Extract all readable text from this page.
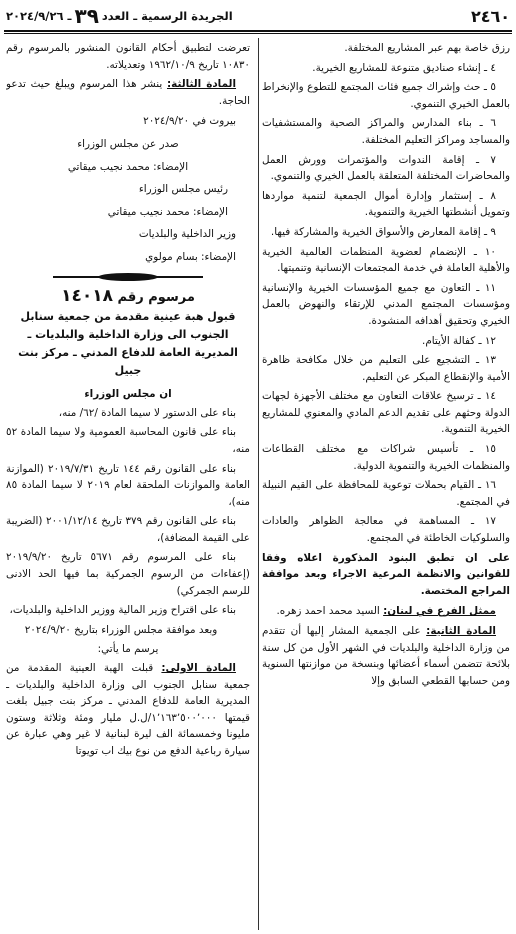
٢٤٦٠
الجريدة الرسمية ـ العدد
٣٩
ـ ٢٠٢٤/٩/٢٦

رزق خاصة بهم عبر المشاريع المختلفة.

٤ ـ إنشاء صناديق متنوعة للمشاريع الخيرية.

٥ ـ حث وإشراك جميع فئات المجتمع للتطوع والإنخراط بالعمل الخيري التنموي.

٦ ـ بناء المدارس والمراكز الصحية والمستشفيات والمساجد ومراكز التعليم المختلفة.

٧ ـ إقامة الندوات والمؤتمرات وورش العمل والمحاضرات المختلفة المتعلقة بالعمل الخيري والتنموي.

٨ ـ إستثمار وإدارة أموال الجمعية لتنمية مواردها وتمويل أنشطتها الخيرية والتنموية.

٩ ـ إقامة المعارض والأسواق الخيرية والمشاركة فيها.

١٠ ـ الإنضمام لعضوية المنظمات العالمية الخيرية والأهلية العاملة في خدمة المجتمعات الإنسانية وتنميتها.

١١ ـ التعاون مع جميع المؤسسات الخيرية والإنسانية ومؤسسات المجتمع المدني للإرتقاء والنهوض بالعمل الخيري وتحقيق أهدافه المنشودة.

١٢ ـ كفالة الأيتام.

١٣ ـ التشجيع على التعليم من خلال مكافحة ظاهرة الأمية والإنقطاع المبكر عن التعليم.

١٤ ـ ترسيخ علاقات التعاون مع مختلف الأجهزة لجهات الدولة وحثهم على تقديم الدعم المادي والمعنوي للمشاريع الخيرية التنموية.

١٥ ـ تأسيس شراكات مع مختلف القطاعات والمنظمات الخيرية والتنموية الدولية.

١٦ ـ القيام بحملات توعوية للمحافظة على القيم النبيلة في المجتمع.

١٧ ـ المساهمة في معالجة الظواهر والعادات والسلوكيات الخاطئة في المجتمع.

على ان تطبق البنود المذكورة اعلاه وفقا للقوانين والانظمة المرعية الاجراء وبعد موافقة المراجع المختصة.

ممثل الفرع في لبنان: السيد محمد احمد زهره.

المادة الثانية: على الجمعية المشار إليها أن تتقدم من وزارة الداخلية والبلديات في الشهر الأول من كل سنة بلائحة تتضمن أسماء أعضائها وبنسخة من موازنتها السنوية ومن حسابها القطعي السابق وإلا

تعرضت لتطبيق أحكام القانون المنشور بالمرسوم رقم ١٠٨٣٠ تاريخ ١٩٦٢/١٠/٩ وتعديلاته.

المادة الثالثة: ينشر هذا المرسوم ويبلغ حيث تدعو الحاجة.

بيروت في ٢٠٢٤/٩/٢٠

صدر عن مجلس الوزراء

الإمضاء: محمد نجيب ميقاتي

رئيس مجلس الوزراء

الإمضاء: محمد نجيب ميقاتي

وزير الداخلية والبلديات

الإمضاء: بسام مولوي

مرسوم رقم ١٤٠١٨

قبول هبة عينية مقدمة من جمعية سنابل الجنوب الى وزارة الداخلية والبلديات ـ المديرية العامة للدفاع المدني ـ مركز بنت جبيل

ان مجلس الوزراء

بناء على الدستور لا سيما المادة /٦٢/ منه،

بناء على قانون المحاسبة العمومية ولا سيما المادة ٥٢ منه،

بناء على القانون رقم ١٤٤ تاريخ ٢٠١٩/٧/٣١ (الموازنة العامة والموازنات الملحقة لعام ٢٠١٩ لا سيما المادة ٨٥ منه)،

بناء على القانون رقم ٣٧٩ تاريخ ٢٠٠١/١٢/١٤ (الضريبة على القيمة المضافة)،

بناء على المرسوم رقم ٥٦٧١ تاريخ ٢٠١٩/٩/٢٠ (إعفاءات من الرسوم الجمركية بما فيها الحد الادنى للرسم الجمركي)

بناء على اقتراح وزير المالية ووزير الداخلية والبلديات،

وبعد موافقة مجلس الوزراء بتاريخ ٢٠٢٤/٩/٢٠

يرسم ما يأتي:

المادة الاولى: قبلت الهبة العينية المقدمة من جمعية سنابل الجنوب الى وزارة الداخلية والبلديات ـ المديرية العامة للدفاع المدني ـ مركز بنت جبيل بلغت قيمتها ١٬١٦٣٬٥٠٠٬٠٠٠/ل.ل مليار ومئة وثلاثة وستون مليونا وخمسمائة الف ليرة لبنانية لا غير وهي عبارة عن سيارة رباعية الدفع من نوع بيك اب تويوتا
